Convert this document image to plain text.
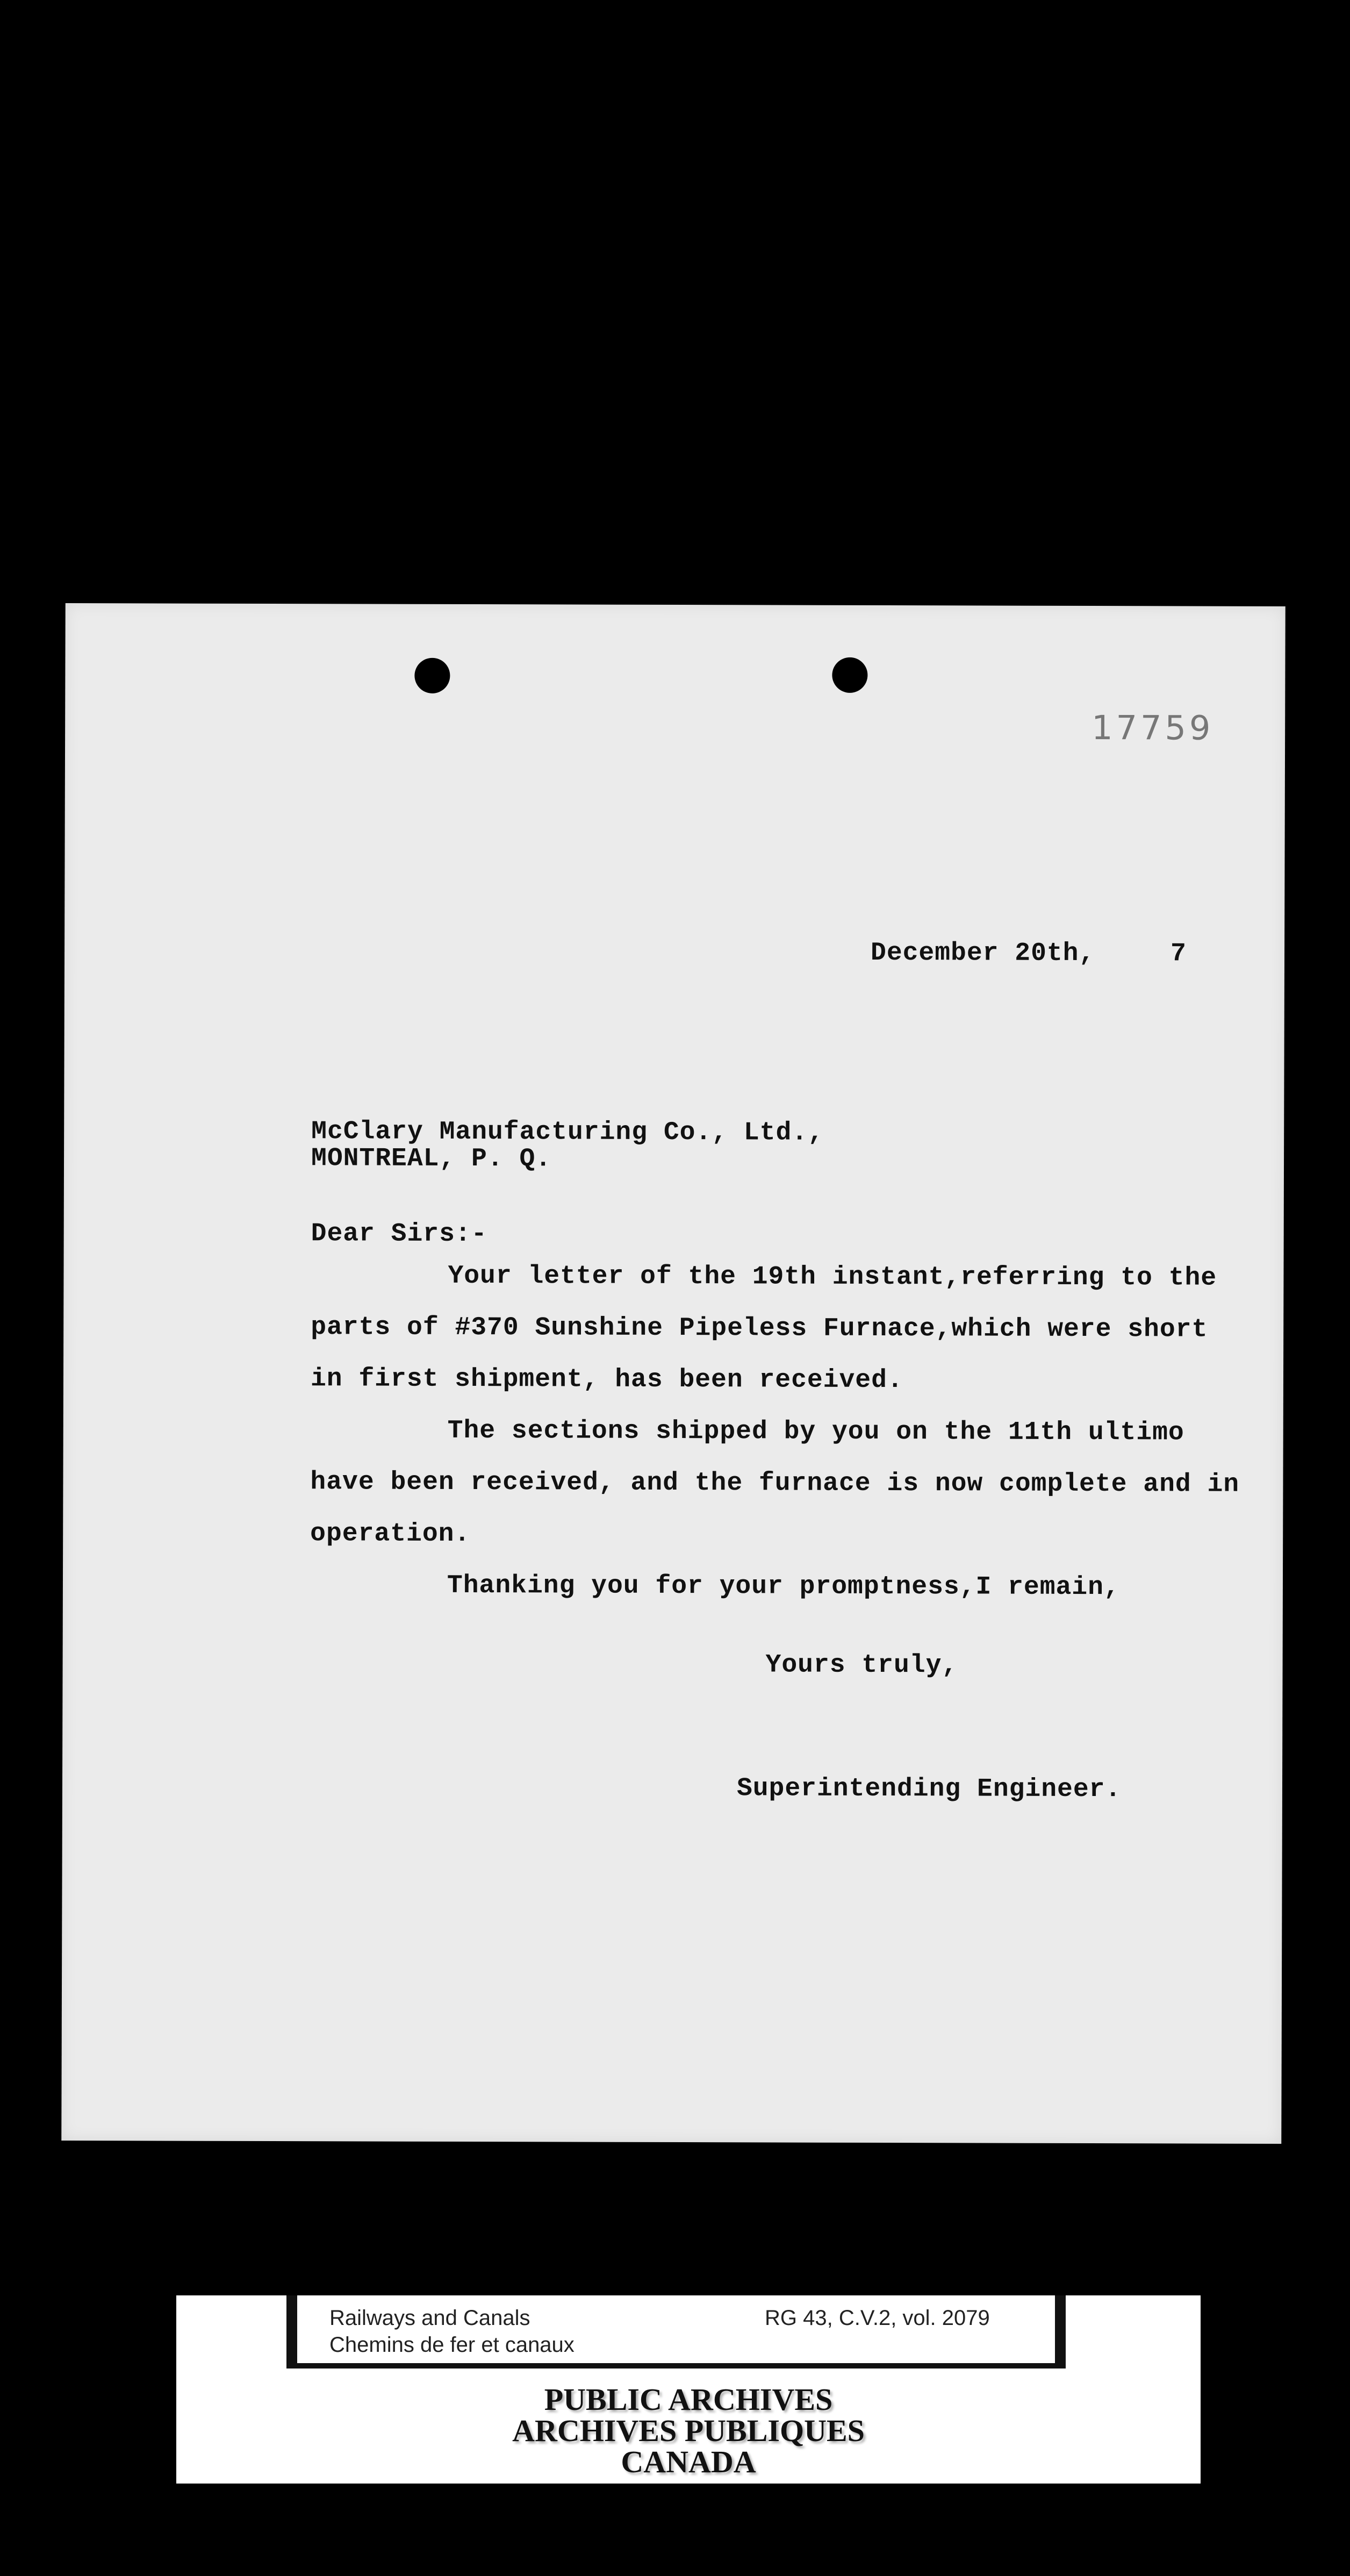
17759
December 20th,	7
McClary Manufacturing Co., Ltd.,
MONTREAL, P. Q.
Dear Sirs:-
Your letter of the 19th instant,referring to the
parts of #370 Sunshine Pipeless Furnace,which were short
in first shipment, has been received.
The sections shipped by you on the 11th ultimo
have been received, and the furnace is now complete and in
operation.
Thanking you for your promptness,I remain,
Yours truly,
Superintending Engineer.
Railways and Canals
Chemins de fer et canaux
RG 43, C.V.2, vol. 2079
PUBLIC ARCHIVES
ARCHIVES PUBLIQUES
CANADA
